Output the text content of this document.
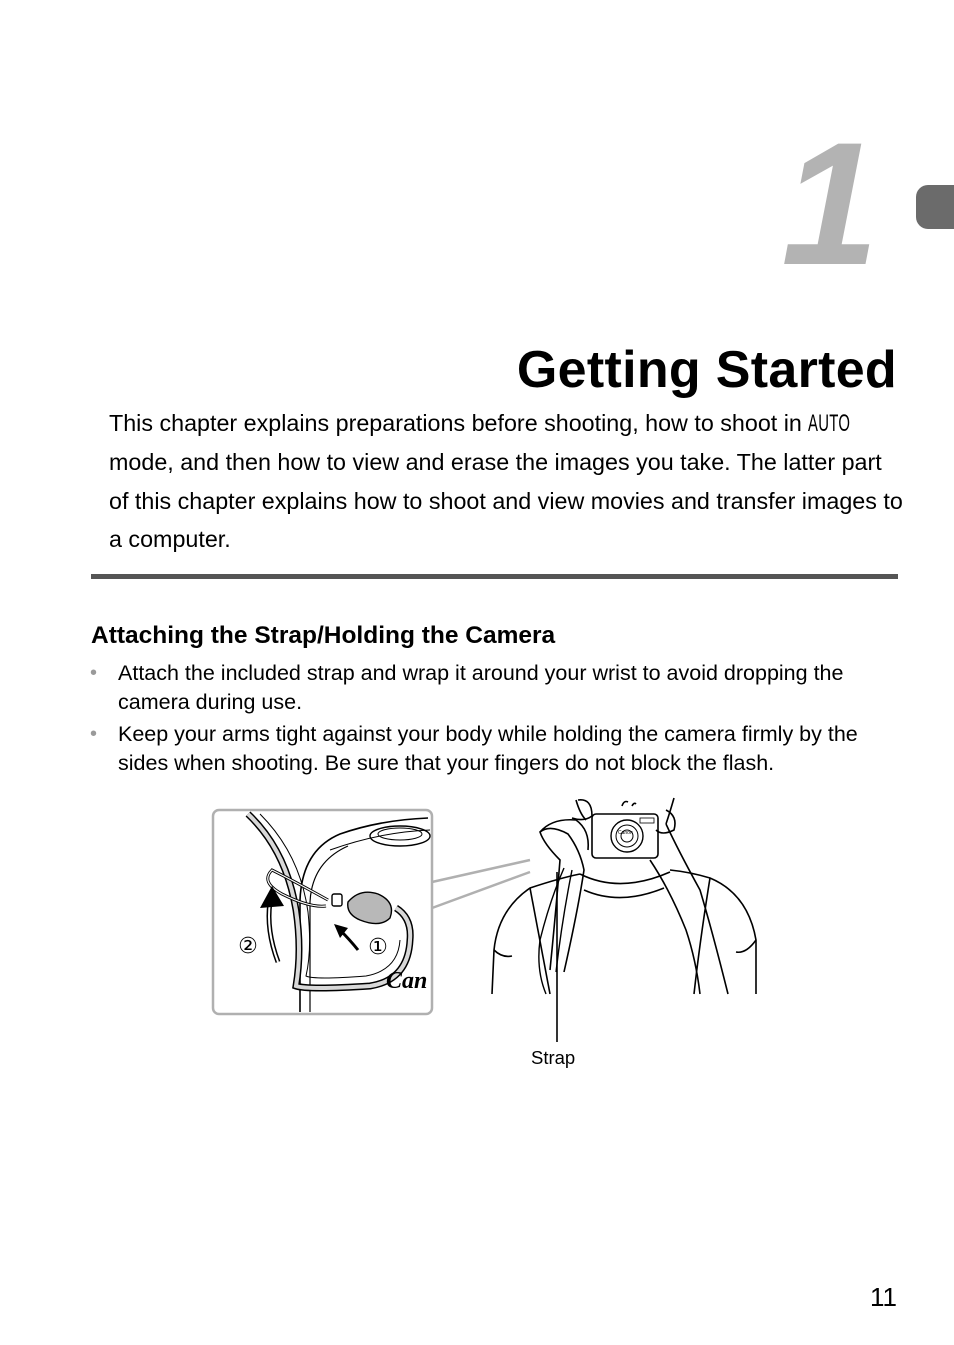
1
Getting Started
This chapter explains preparations before shooting, how to shoot in AUTO mode, and then how to view and erase the images you take. The latter part of this chapter explains how to shoot and view movies and transfer images to a computer.
Attaching the Strap/Holding the Camera
• Attach the included strap and wrap it around your wrist to avoid dropping the camera during use.
• Keep your arms tight against your body while holding the camera firmly by the sides when shooting. Be sure that your fingers do not block the flash.
②	①
Can
Canon
Strap
11
